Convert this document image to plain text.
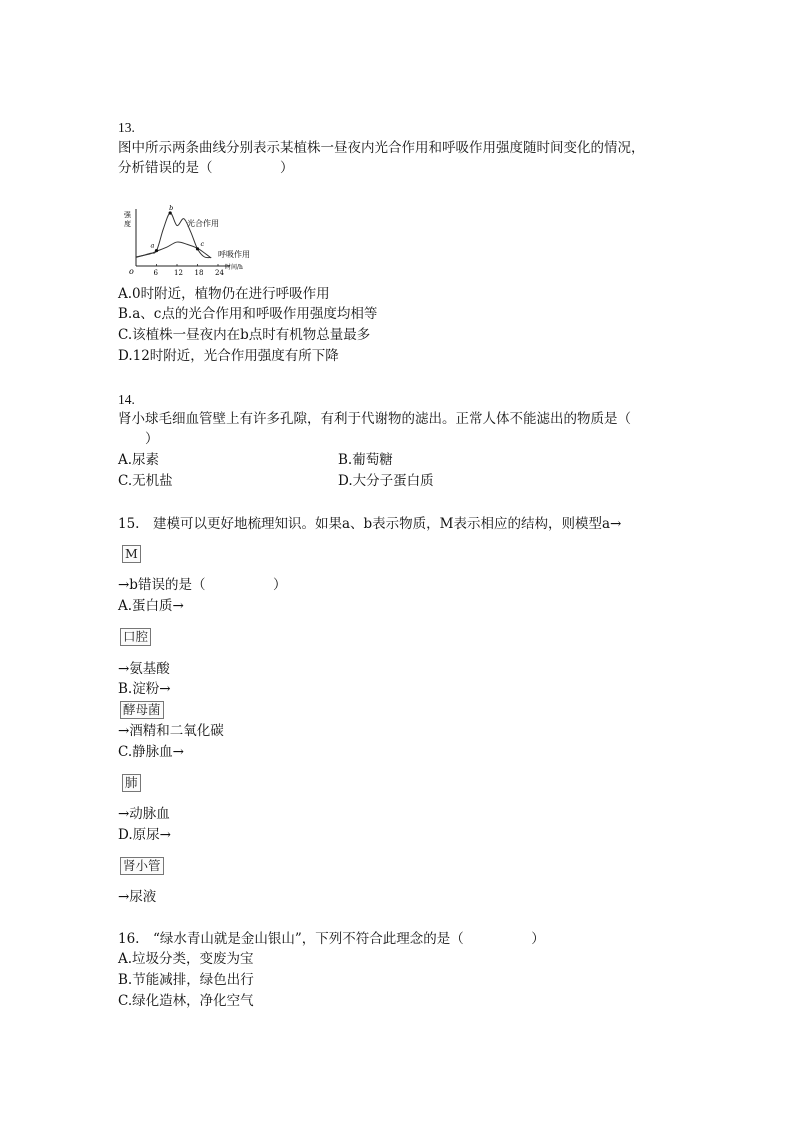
13.
图中所示两条曲线分别表示某植株一昼夜内光合作用和呼吸作用强度随时间变化的情况，
分析错误的是（　　　　　）
强
度
6 12 18 24
a
b
c
o
光合作用
呼吸作用
时间/h
A.0时附近，植物仍在进行呼吸作用
B.a、c点的光合作用和呼吸作用强度均相等
C.该植株一昼夜内在b点时有机物总量最多
D.12时附近，光合作用强度有所下降
14.
肾小球毛细血管壁上有许多孔隙，有利于代谢物的滤出。正常人体不能滤出的物质是（
　　）
A.尿素	B.葡萄糖
C.无机盐	D.大分子蛋白质
15.　建模可以更好地梳理知识。如果a、b表示物质，M表示相应的结构，则模型a→
M
→b错误的是（　　　　　）
A.蛋白质→
口腔
→氨基酸
B.淀粉→
酵母菌
→酒精和二氧化碳
C.静脉血→
肺
→动脉血
D.原尿→
肾小管
→尿液
16.　“绿水青山就是金山银山”，下列不符合此理念的是（　　　　　）
A.垃圾分类，变废为宝
B.节能减排，绿色出行
C.绿化造林，净化空气
